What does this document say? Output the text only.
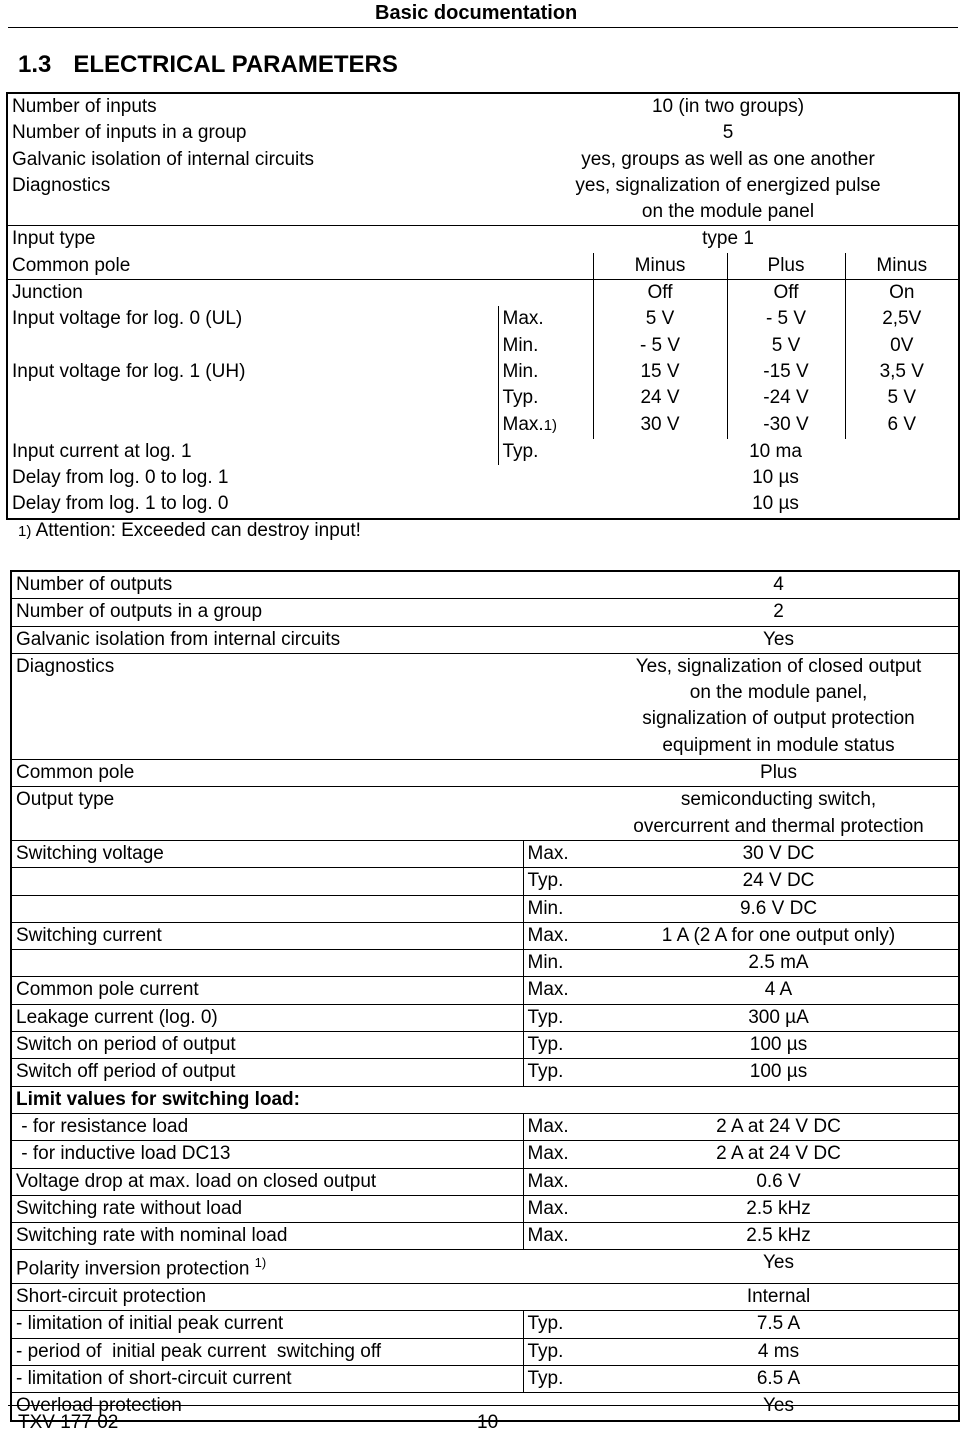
Basic documentation
1.3 ELECTRICAL PARAMETERS
Number of inputs	10 (in two groups)			
Number of inputs in a group	5			
Galvanic isolation of internal circuits	yes, groups as well as one another			
Diagnostics	yes, signalization of energized pulse			
	on the module panel			
Input type	type 1			
Common pole		Minus	Plus	Minus
Junction		Off	Off	On
Input voltage for log. 0 (UL)	Max.	5 V	- 5 V	2,5V
	Min.	- 5 V	5 V	0V
Input voltage for log. 1 (UH)	Min.	15 V	-15 V	3,5 V
	Typ.	24 V	-24 V	5 V
	Max.1)	30 V	-30 V	6 V
Input current at log. 1	Typ.	10 ma		
Delay from log. 0 to log. 1		10 µs		
Delay from log. 1 to log. 0		10 µs		
1) Attention: Exceeded can destroy input!
Number of outputs		4
Number of outputs in a group		2
Galvanic isolation from internal circuits		Yes
Diagnostics		Yes, signalization of closed output
		on the module panel,
		signalization of output protection
		equipment in module status
Common pole		Plus
Output type		semiconducting switch,
		overcurrent and thermal protection
Switching voltage	Max.	30 V DC
	Typ.	24 V DC
	Min.	9.6 V DC
Switching current	Max.	1 A (2 A for one output only)
	Min.	2.5 mA
Common pole current	Max.	4 A
Leakage current (log. 0)	Typ.	300 µA
Switch on period of output	Typ.	100 µs
Switch off period of output	Typ.	100 µs
Limit values for switching load:		
- for resistance load	Max.	2 A at 24 V DC
- for inductive load DC13	Max.	2 A at 24 V DC
Voltage drop at max. load on closed output	Max.	0.6 V
Switching rate without load	Max.	2.5 kHz
Switching rate with nominal load	Max.	2.5 kHz
Polarity inversion protection $^{1)}$		Yes
Short-circuit protection		Internal
- limitation of initial peak current	Typ.	7.5 A
- period of  initial peak current  switching off	Typ.	4 ms
- limitation of short-circuit current	Typ.	6.5 A
Overload protection		Yes
TXV 177 02	10
